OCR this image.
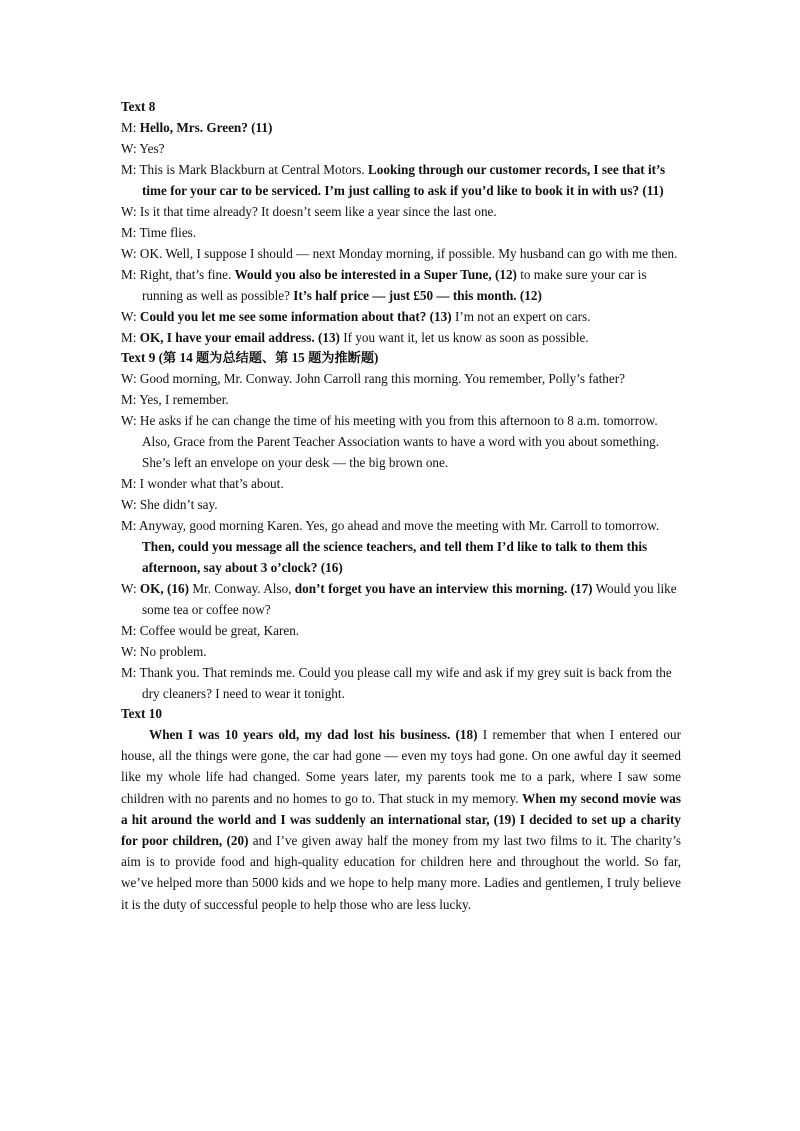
Text 8

M: Hello, Mrs. Green? (11)

W: Yes?

M: This is Mark Blackburn at Central Motors. Looking through our customer records, I see that it’s time for your car to be serviced. I’m just calling to ask if you’d like to book it in with us? (11)

W: Is it that time already? It doesn’t seem like a year since the last one.

M: Time flies.

W: OK. Well, I suppose I should — next Monday morning, if possible. My husband can go with me then.

M: Right, that’s fine. Would you also be interested in a Super Tune, (12) to make sure your car is running as well as possible? It’s half price — just £50 — this month. (12)

W: Could you let me see some information about that? (13) I’m not an expert on cars.

M: OK, I have your email address. (13) If you want it, let us know as soon as possible.

Text 9 (第 14 题为总结题、第 15 题为推断题)

W: Good morning, Mr. Conway. John Carroll rang this morning. You remember, Polly’s father?

M: Yes, I remember.

W: He asks if he can change the time of his meeting with you from this afternoon to 8 a.m. tomorrow. Also, Grace from the Parent Teacher Association wants to have a word with you about something. She’s left an envelope on your desk — the big brown one.

M: I wonder what that’s about.

W: She didn’t say.

M: Anyway, good morning Karen. Yes, go ahead and move the meeting with Mr. Carroll to tomorrow. Then, could you message all the science teachers, and tell them I’d like to talk to them this afternoon, say about 3 o’clock? (16)

W: OK, (16) Mr. Conway. Also, don’t forget you have an interview this morning. (17) Would you like some tea or coffee now?

M: Coffee would be great, Karen.

W: No problem.

M: Thank you. That reminds me. Could you please call my wife and ask if my grey suit is back from the dry cleaners? I need to wear it tonight.

Text 10

When I was 10 years old, my dad lost his business. (18) I remember that when I entered our house, all the things were gone, the car had gone — even my toys had gone. On one awful day it seemed like my whole life had changed. Some years later, my parents took me to a park, where I saw some children with no parents and no homes to go to. That stuck in my memory. When my second movie was a hit around the world and I was suddenly an international star, (19) I decided to set up a charity for poor children, (20) and I’ve given away half the money from my last two films to it. The charity’s aim is to provide food and high-quality education for children here and throughout the world. So far, we’ve helped more than 5000 kids and we hope to help many more. Ladies and gentlemen, I truly believe it is the duty of successful people to help those who are less lucky.
